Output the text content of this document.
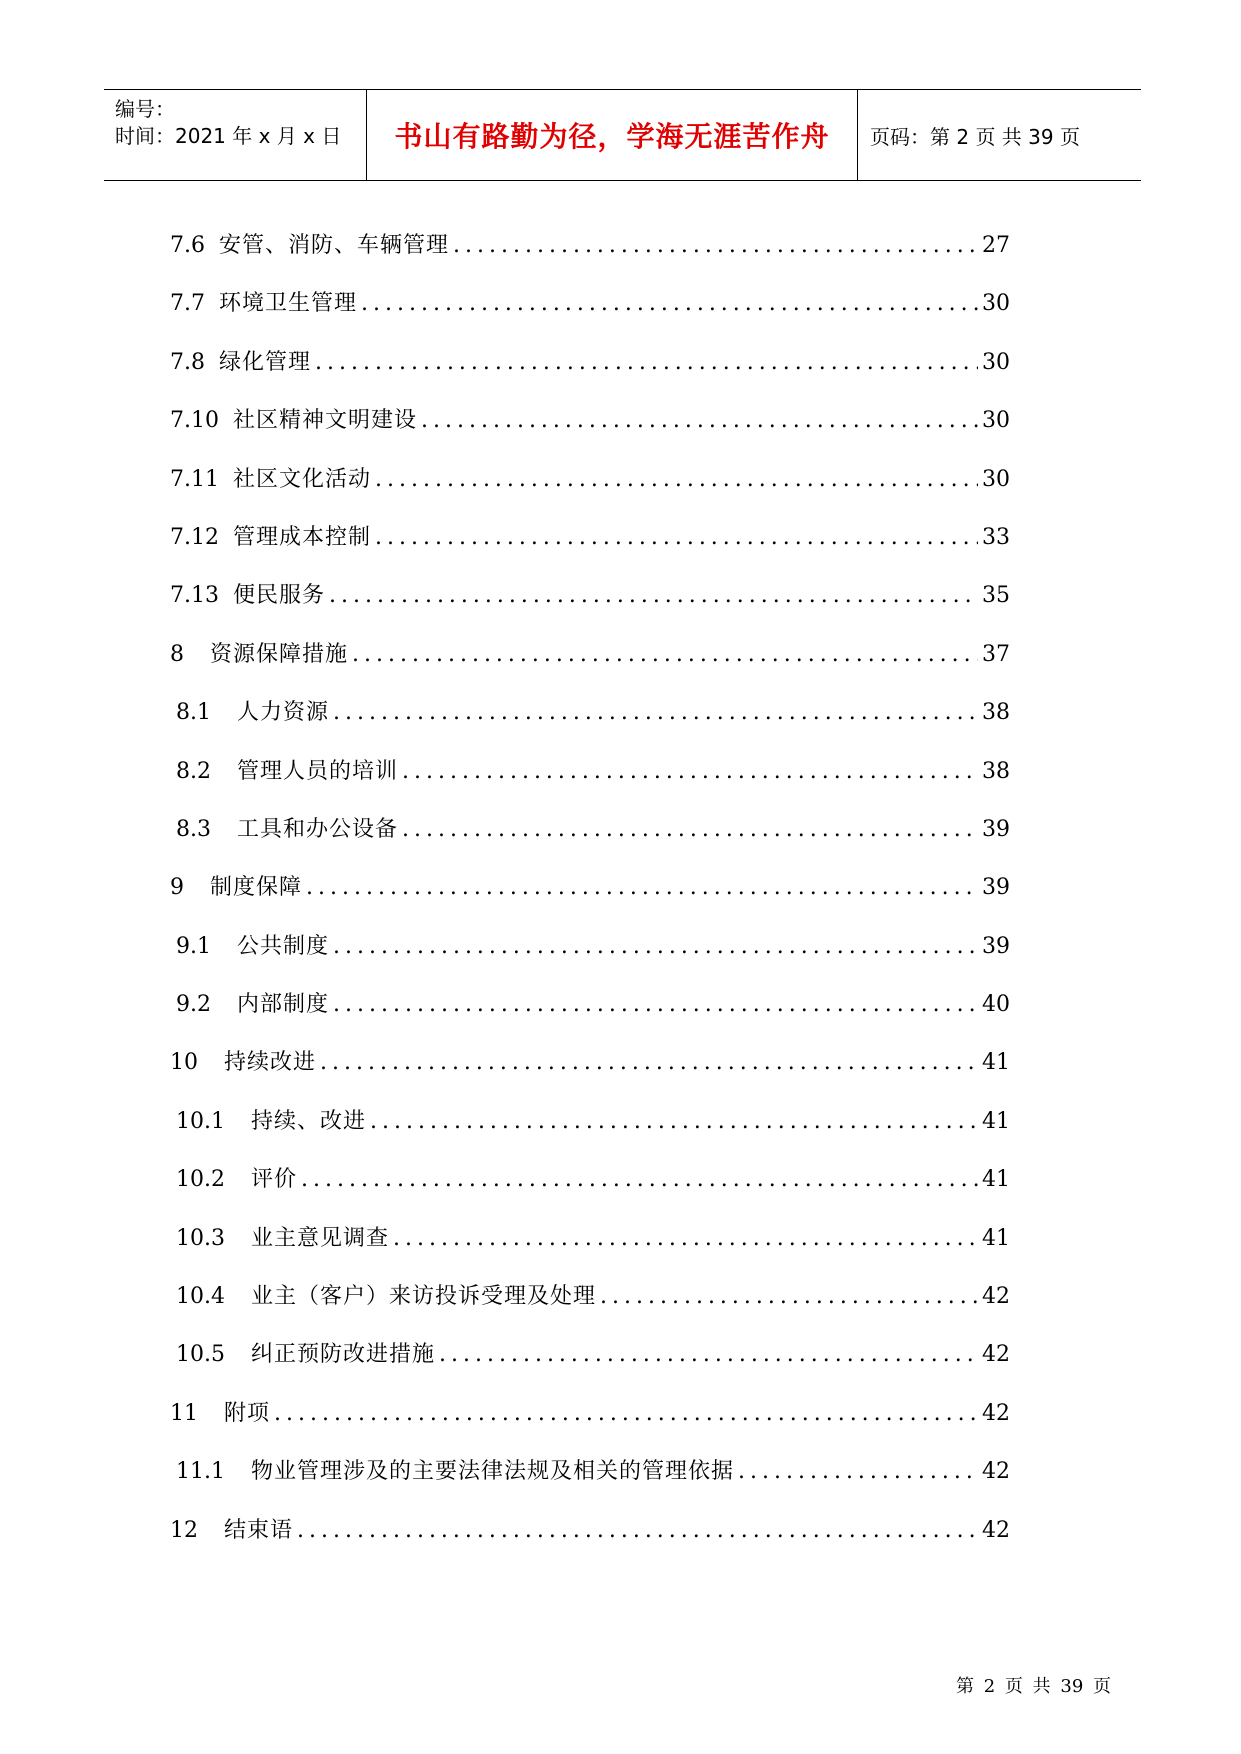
编号：
时间：2021 年 x 月 x 日 书山有路勤为径，学海无涯苦作舟 页码：第 2 页 共 39 页
7.6 安管、消防、车辆管理 .....	27
7.7 环境卫生管理 .....	30
7.8 绿化管理 .....	30
7.10 社区精神文明建设 .....	30
7.11 社区文化活动 .....	30
7.12 管理成本控制 .....	33
7.13 便民服务 .....	35
8 资源保障措施 .....	37
8.1 人力资源 .....	38
8.2 管理人员的培训 .....	38
8.3 工具和办公设备 .....	39
9 制度保障 .....	39
9.1 公共制度 .....	39
9.2 内部制度 .....	40
10 持续改进 .....	41
10.1 持续、改进 .....	41
10.2 评价 .....	41
10.3 业主意见调查 .....	41
10.4 业主（客户）来访投诉受理及处理 .....	42
10.5 纠正预防改进措施 .....	42
11 附项 .....	42
11.1 物业管理涉及的主要法律法规及相关的管理依据 .....	42
12 结束语 .....	42
第 2 页 共 39 页
